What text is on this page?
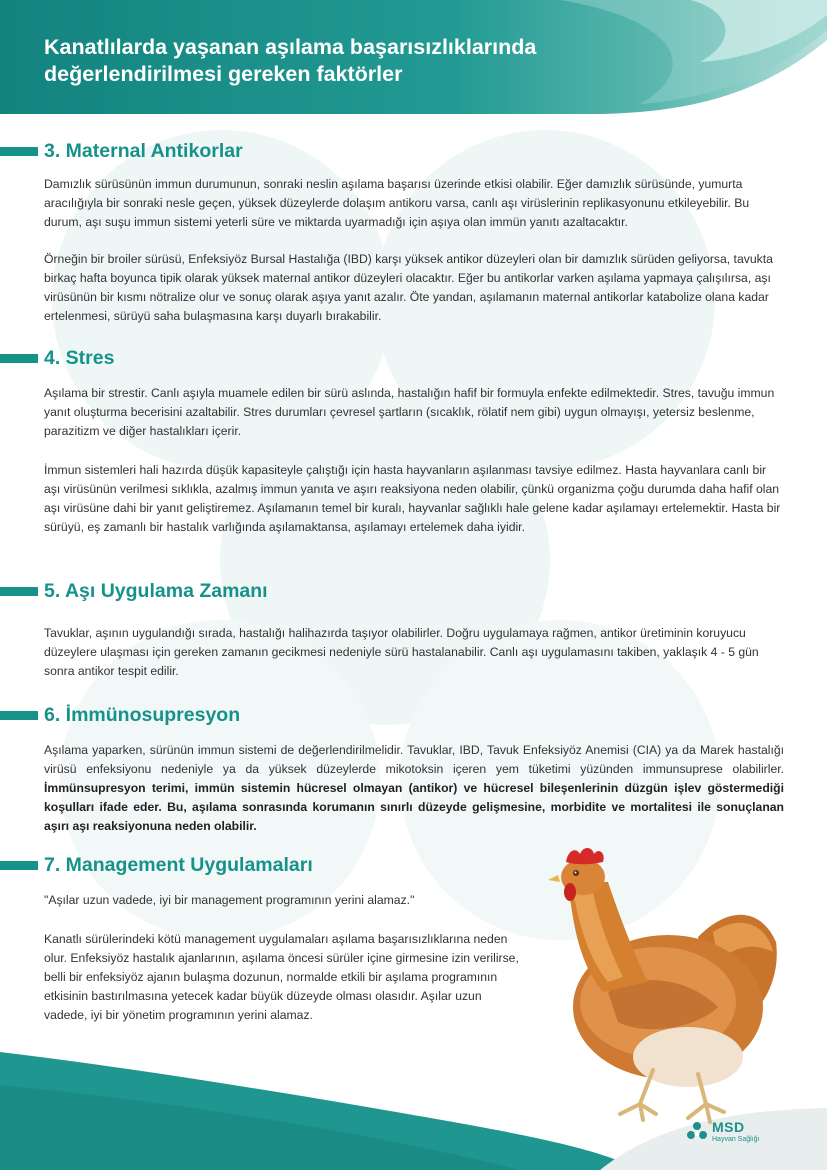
Kanatlılarda yaşanan aşılama başarısızlıklarında
değerlendirilmesi gereken faktörler
3. Maternal Antikorlar

Damızlık sürüsünün immun durumunun, sonraki neslin aşılama başarısı üzerinde etkisi olabilir. Eğer damızlık sürüsünde, yumurta aracılığıyla bir sonraki nesle geçen, yüksek düzeylerde dolaşım antikoru varsa, canlı aşı virüslerinin replikasyonunu etkileyebilir. Bu durum, aşı suşu immun sistemi yeterli süre ve miktarda uyarmadığı için aşıya olan immün yanıtı azaltacaktır.

Örneğin bir broiler sürüsü, Enfeksiyöz Bursal Hastalığa (IBD) karşı yüksek antikor düzeyleri olan bir damızlık sürüden geliyorsa, tavukta birkaç hafta boyunca tipik olarak yüksek maternal antikor düzeyleri olacaktır. Eğer bu antikorlar varken aşılama yapmaya çalışılırsa, aşı virüsünün bir kısmı nötralize olur ve sonuç olarak aşıya yanıt azalır. Öte yandan, aşılamanın maternal antikorlar katabolize olana kadar ertelenmesi, sürüyü saha bulaşmasına karşı duyarlı bırakabilir.

4. Stres

Aşılama bir strestir. Canlı aşıyla muamele edilen bir sürü aslında, hastalığın hafif bir formuyla enfekte edilmektedir. Stres, tavuğu immun yanıt oluşturma becerisini azaltabilir. Stres durumları çevresel şartların (sıcaklık, rölatif nem gibi) uygun olmayışı, yetersiz beslenme, parazitizm ve diğer hastalıkları içerir.

İmmun sistemleri hali hazırda düşük kapasiteyle çalıştığı için hasta hayvanların aşılanması tavsiye edilmez. Hasta hayvanlara canlı bir aşı virüsünün verilmesi sıklıkla, azalmış immun yanıta ve aşırı reaksiyona neden olabilir, çünkü organizma çoğu durumda daha hafif olan aşı virüsüne dahi bir yanıt geliştiremez. Aşılamanın temel bir kuralı, hayvanlar sağlıklı hale gelene kadar aşılamayı ertelemektir. Hasta bir sürüyü, eş zamanlı bir hastalık varlığında aşılamaktansa, aşılamayı ertelemek daha iyidir.

5. Aşı Uygulama Zamanı

Tavuklar, aşının uygulandığı sırada, hastalığı halihazırda taşıyor olabilirler. Doğru uygulamaya rağmen, antikor üretiminin koruyucu düzeylere ulaşması için gereken zamanın gecikmesi nedeniyle sürü hastalanabilir. Canlı aşı uygulamasını takiben, yaklaşık 4 - 5 gün sonra antikor tespit edilir.

6. İmmünosupresyon

Aşılama yaparken, sürünün immun sistemi de değerlendirilmelidir. Tavuklar, IBD, Tavuk Enfeksiyöz Anemisi (CIA) ya da Marek hastalığı virüsü enfeksiyonu nedeniyle ya da yüksek düzeylerde mikotoksin içeren yem tüketimi yüzünden immunsuprese olabilirler. İmmünsupresyon terimi, immün sistemin hücresel olmayan (antikor) ve hücresel bileşenlerinin düzgün işlev göstermediği koşulları ifade eder. Bu, aşılama sonrasında korumanın sınırlı düzeyde gelişmesine, morbidite ve mortalitesi ile sonuçlanan aşırı aşı reaksiyonuna neden olabilir.

7. Management Uygulamaları

"Aşılar uzun vadede, iyi bir management programının yerini alamaz."

Kanatlı sürülerindeki kötü management uygulamaları aşılama başarısızlıklarına neden olur. Enfeksiyöz hastalık ajanlarının, aşılama öncesi sürüler içine girmesine izin verilirse, belli bir enfeksiyöz ajanın bulaşma dozunun, normalde etkili bir aşılama programının etkisinin bastırılmasına yetecek kadar büyük düzeyde olması olasıdır. Aşılar uzun vadede, iyi bir yönetim programının yerini alamaz.

MSD
Hayvan Sağlığı
